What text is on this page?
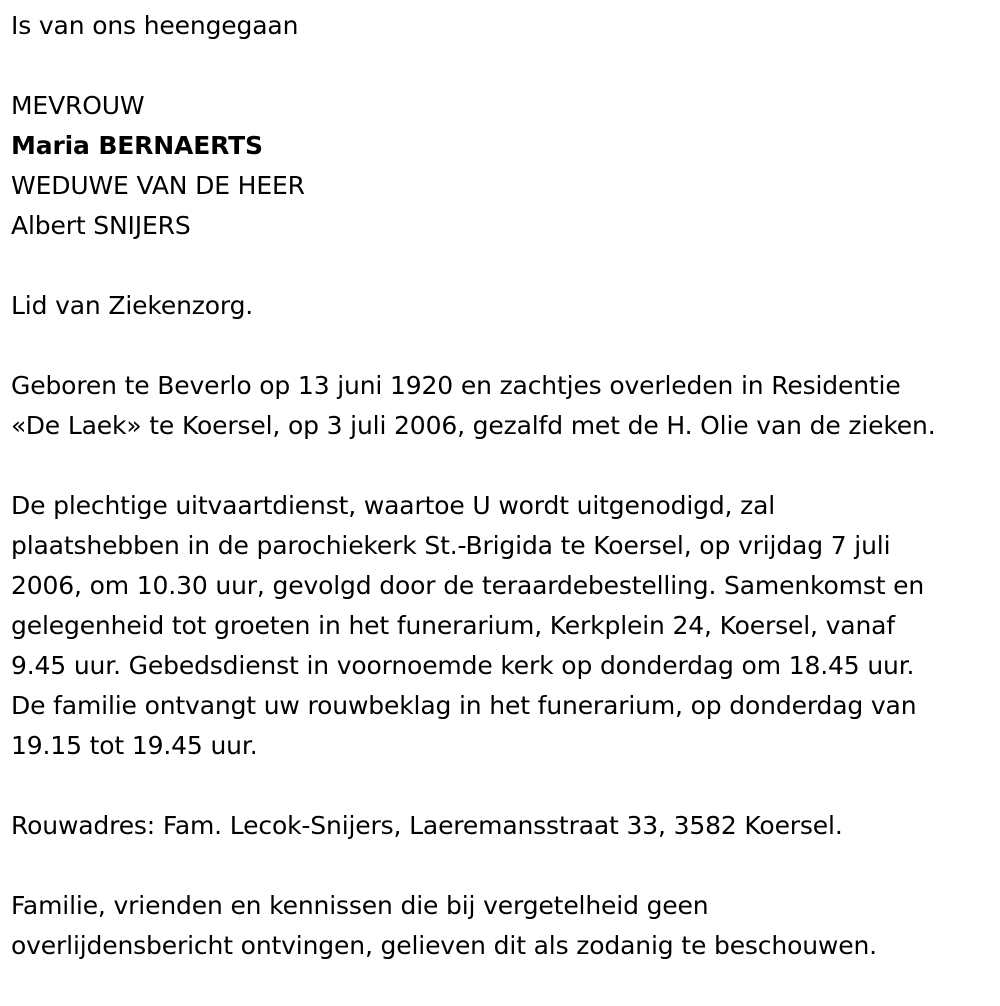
Is van ons heengegaan
MEVROUW
Maria BERNAERTS
WEDUWE VAN DE HEER
Albert SNIJERS
Lid van Ziekenzorg.
Geboren te Beverlo op 13 juni 1920 en zachtjes overleden in Residentie
«De Laek» te Koersel, op 3 juli 2006, gezalfd met de H. Olie van de zieken.
De plechtige uitvaartdienst, waartoe U wordt uitgenodigd, zal
plaatshebben in de parochiekerk St.-Brigida te Koersel, op vrijdag 7 juli
2006, om 10.30 uur, gevolgd door de teraardebestelling. Samenkomst en
gelegenheid tot groeten in het funerarium, Kerkplein 24, Koersel, vanaf
9.45 uur. Gebedsdienst in voornoemde kerk op donderdag om 18.45 uur.
De familie ontvangt uw rouwbeklag in het funerarium, op donderdag van
19.15 tot 19.45 uur.
Rouwadres: Fam. Lecok-Snijers, Laeremansstraat 33, 3582 Koersel.
Familie, vrienden en kennissen die bij vergetelheid geen
overlijdensbericht ontvingen, gelieven dit als zodanig te beschouwen.
